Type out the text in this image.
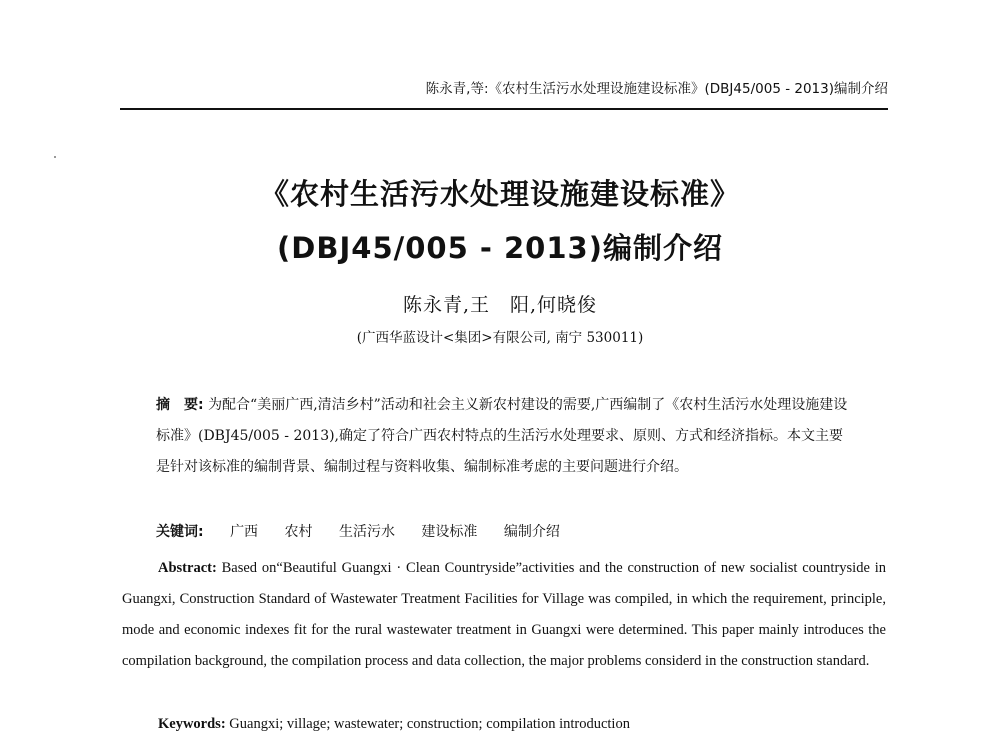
陈永青,等:《农村生活污水处理设施建设标准》(DBJ45/005 - 2013)编制介绍
《农村生活污水处理设施建设标准》
(DBJ45/005 - 2013)编制介绍
陈永青,王　阳,何晓俊
(广西华蓝设计<集团>有限公司, 南宁 530011)
摘　要: 为配合“美丽广西,清洁乡村”活动和社会主义新农村建设的需要,广西编制了《农村生活污水处理设施建设标准》(DBJ45/005 - 2013),确定了符合广西农村特点的生活污水处理要求、原则、方式和经济指标。本文主要是针对该标准的编制背景、编制过程与资料收集、编制标准考虑的主要问题进行介绍。
关键词: 广西 农村 生活污水 建设标准 编制介绍
Abstract: Based on“Beautiful Guangxi · Clean Countryside”activities and the construction of new socialist countryside in Guangxi, Construction Standard of Wastewater Treatment Facilities for Village was compiled, in which the requirement, principle, mode and economic indexes fit for the rural wastewater treatment in Guangxi were determined. This paper mainly introduces the compilation background, the compilation process and data collection, the major problems considerd in the construction standard.
Keywords: Guangxi; village; wastewater; construction; compilation introduction
